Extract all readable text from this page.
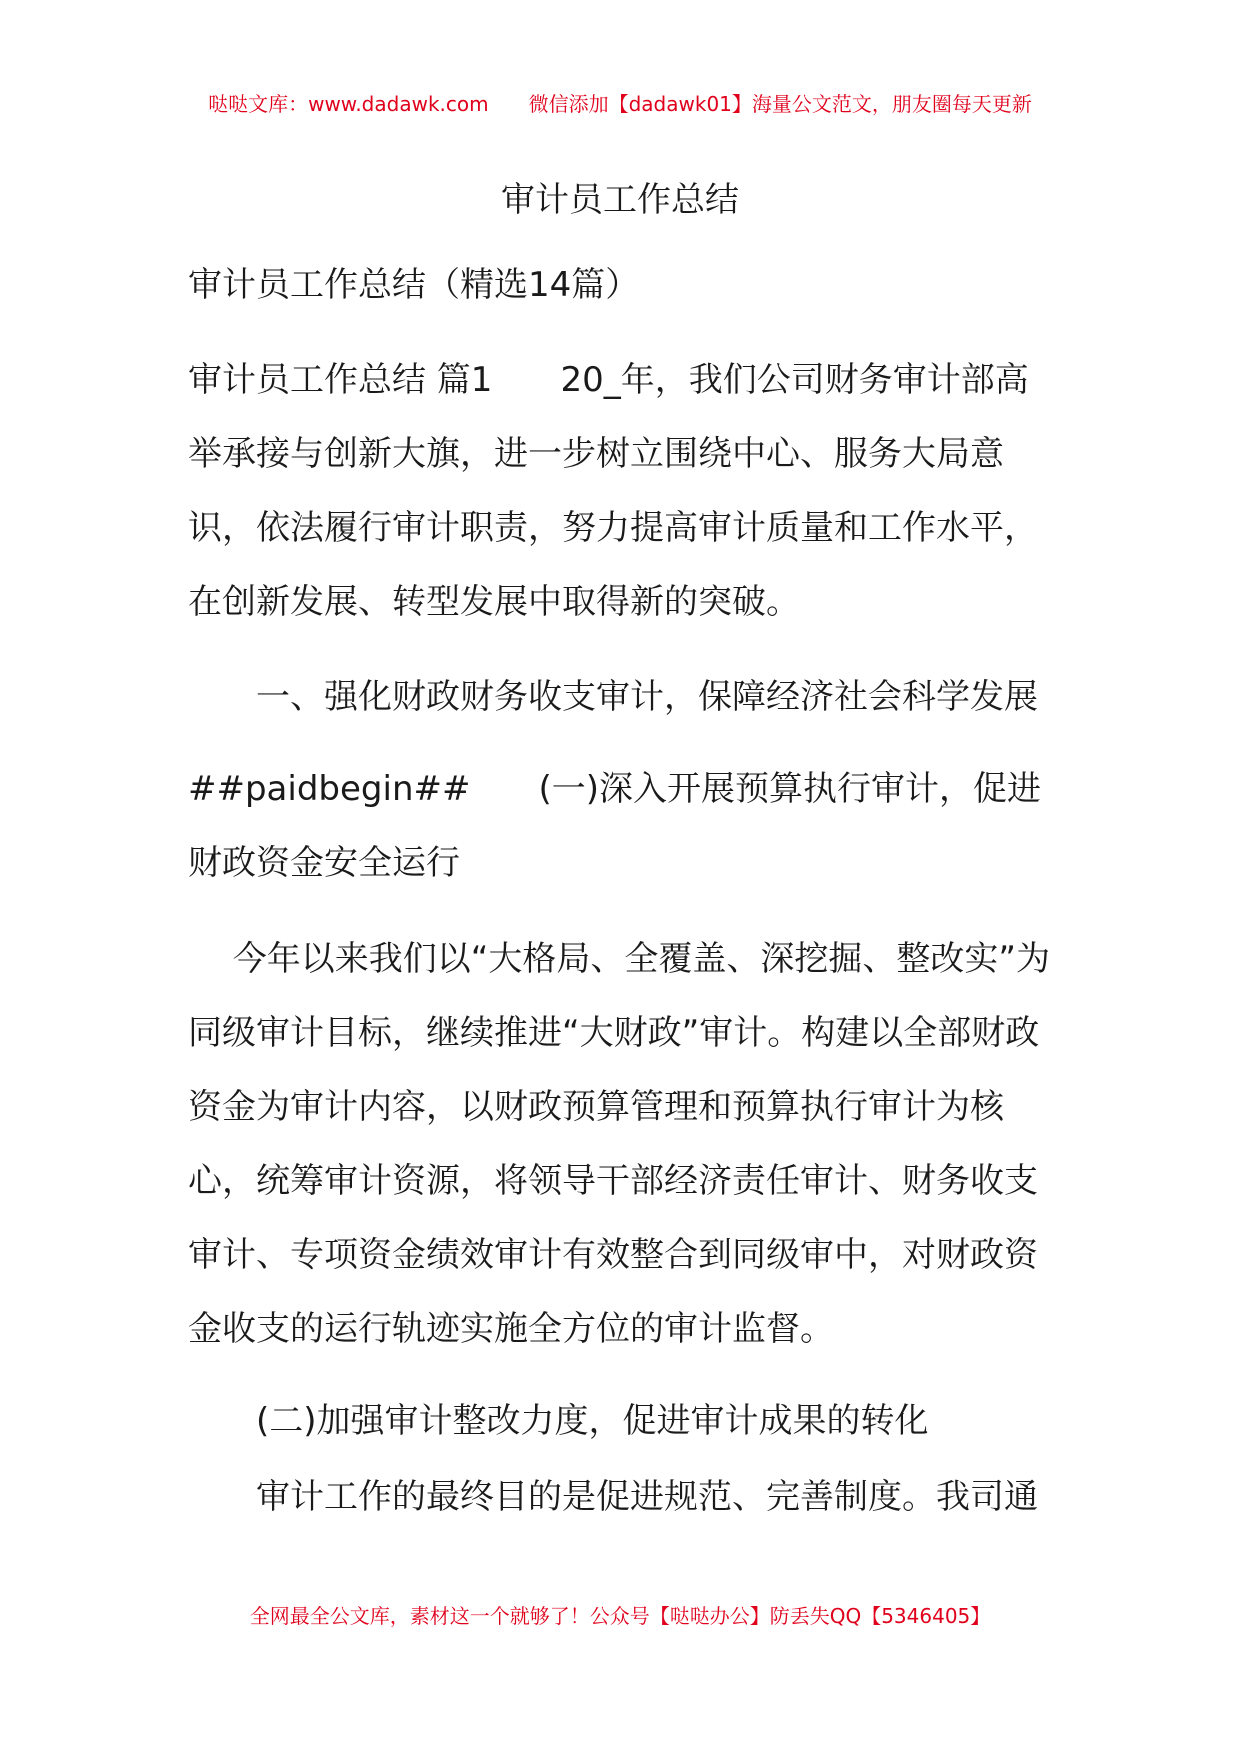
哒哒文库：www.dadawk.com　　微信添加【dadawk01】海量公文范文，朋友圈每天更新
审计员工作总结
审计员工作总结（精选14篇）
审计员工作总结 篇1　　20_年，我们公司财务审计部高举承接与创新大旗，进一步树立围绕中心、服务大局意识，依法履行审计职责，努力提高审计质量和工作水平，在创新发展、转型发展中取得新的突破。
　　一、强化财政财务收支审计，保障经济社会科学发展
##paidbegin##　　(一)深入开展预算执行审计，促进财政资金安全运行
　 今年以来我们以“大格局、全覆盖、深挖掘、整改实”为同级审计目标，继续推进“大财政”审计。构建以全部财政资金为审计内容，以财政预算管理和预算执行审计为核心，统筹审计资源，将领导干部经济责任审计、财务收支审计、专项资金绩效审计有效整合到同级审中，对财政资金收支的运行轨迹实施全方位的审计监督。
　　(二)加强审计整改力度，促进审计成果的转化
　　审计工作的最终目的是促进规范、完善制度。我司通
全网最全公文库，素材这一个就够了！公众号【哒哒办公】防丢失QQ【5346405】
